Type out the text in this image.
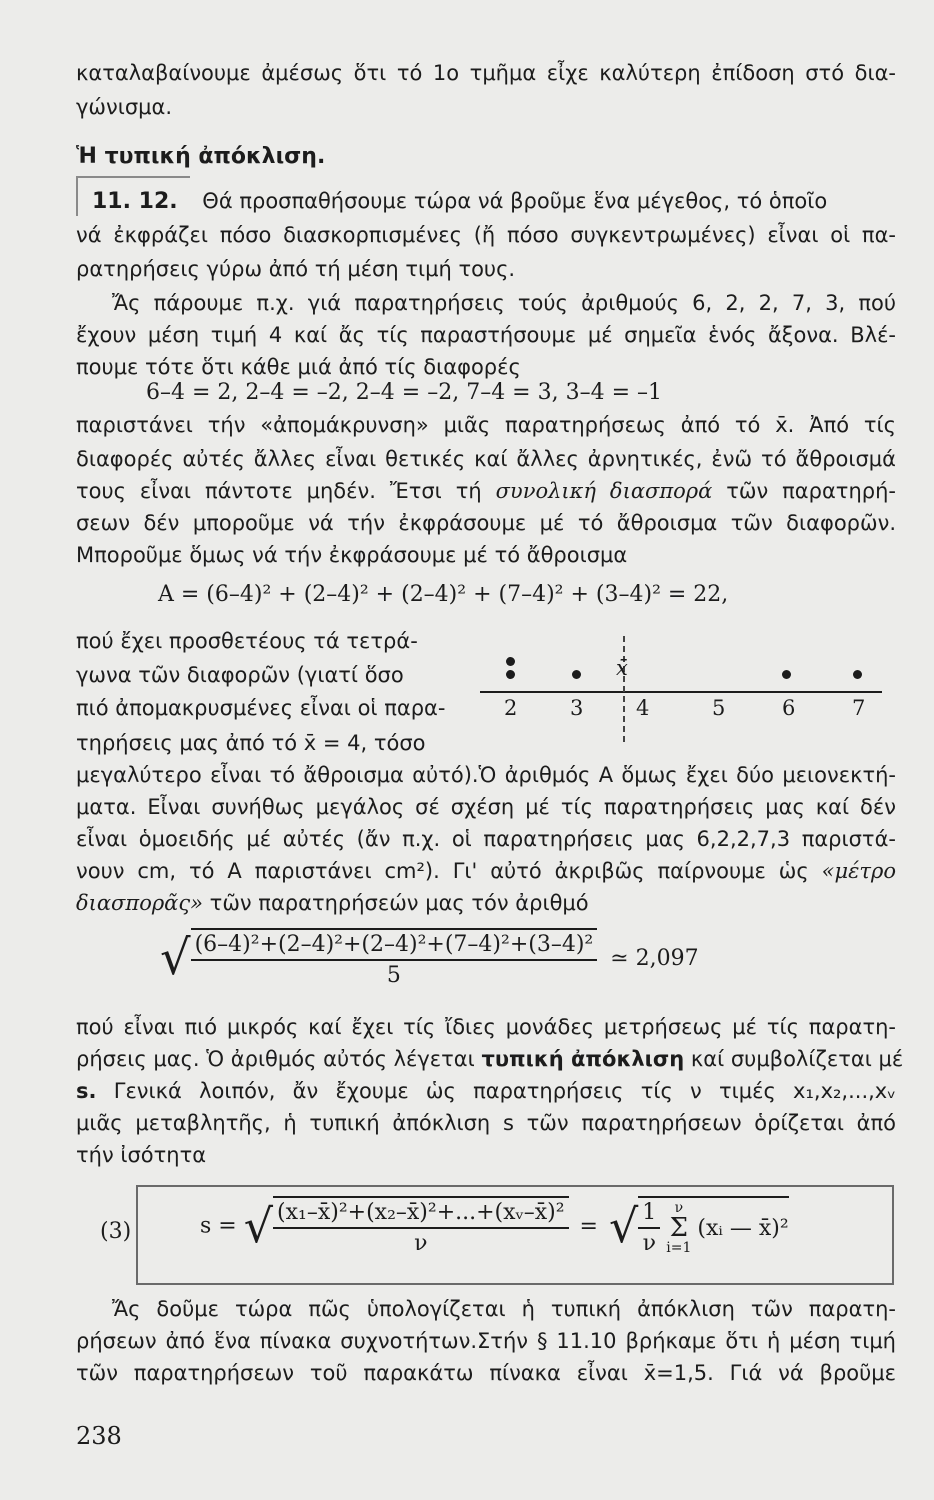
καταλαβαίνουμε ἀμέσως ὅτι τό 1ο τμῆμα εἶχε καλύτερη ἐπίδοση στό δια-
γώνισμα.
Ἡ τυπική ἀπόκλιση.
11. 12. Θά προσπαθήσουμε τώρα νά βροῦμε ἕνα μέγεθος, τό ὁποῖο
νά ἐκφράζει πόσο διασκορπισμένες (ἤ πόσο συγκεντρωμένες) εἶναι οἱ πα-
ρατηρήσεις γύρω ἀπό τή μέση τιμή τους.
Ἄς πάρουμε π.χ. γιά παρατηρήσεις τούς ἀριθμούς 6, 2, 2, 7, 3, πού
ἔχουν μέση τιμή 4 καί ἄς τίς παραστήσουμε μέ σημεῖα ἑνός ἄξονα. Βλέ-
πουμε τότε ὅτι κάθε μιά ἀπό τίς διαφορές
6–4 = 2, 2–4 = –2, 2–4 = –2, 7–4 = 3, 3–4 = –1
παριστάνει τήν «ἀπομάκρυνση» μιᾶς παρατηρήσεως ἀπό τό x̄. Ἀπό τίς
διαφορές αὐτές ἄλλες εἶναι θετικές καί ἄλλες ἀρνητικές, ἐνῶ τό ἄθροισμά
τους εἶναι πάντοτε μηδέν. Ἔτσι τή συνολική διασπορά τῶν παρατηρή-
σεων δέν μποροῦμε νά τήν ἐκφράσουμε μέ τό ἄθροισμα τῶν διαφορῶν.
Μποροῦμε ὅμως νά τήν ἐκφράσουμε μέ τό ἄθροισμα
A = (6–4)² + (2–4)² + (2–4)² + (7–4)² + (3–4)² = 22,
πού ἔχει προσθετέους τά τετρά-
γωνα τῶν διαφορῶν (γιατί ὅσο
πιό ἀπομακρυσμένες εἶναι οἱ παρα-
τηρήσεις μας ἀπό τό x̄ = 4, τόσο
x̄
2	3	4	5	6	7
μεγαλύτερο εἶναι τό ἄθροισμα αὐτό).Ὁ ἀριθμός Α ὅμως ἔχει δύο μειονεκτή-
ματα. Εἶναι συνήθως μεγάλος σέ σχέση μέ τίς παρατηρήσεις μας καί δέν
εἶναι ὁμοειδής μέ αὐτές (ἄν π.χ. οἱ παρατηρήσεις μας 6,2,2,7,3 παριστά-
νουν cm, τό Α παριστάνει cm²). Γι' αὐτό ἀκριβῶς παίρνουμε ὡς «μέτρο
διασπορᾶς» τῶν παρατηρήσεών μας τόν ἀριθμό
√ $\frac{\text{(6–4)²+(2–4)²+(2–4)²+(7–4)²+(3–4)²}}{5}$ ≃ 2,097
πού εἶναι πιό μικρός καί ἔχει τίς ἴδιες μονάδες μετρήσεως μέ τίς παρατη-
ρήσεις μας. Ὁ ἀριθμός αὐτός λέγεται τυπική ἀπόκλιση καί συμβολίζεται μέ
s. Γενικά λοιπόν, ἄν ἔχουμε ὡς παρατηρήσεις τίς ν τιμές x₁,x₂,...,xᵥ
μιᾶς μεταβλητῆς, ἡ τυπική ἀπόκλιση s τῶν παρατηρήσεων ὁρίζεται ἀπό
τήν ἰσότητα
(3)	s = √ $\frac{\text{(x₁–x̄)²+(x₂–x̄)²+...+(xᵥ–x̄)²}}{\nu}$ = √ $\frac{1}{\nu}$ ν
Σ
i=1
(xᵢ — x̄)²
Ἄς δοῦμε τώρα πῶς ὑπολογίζεται ἡ τυπική ἀπόκλιση τῶν παρατη-
ρήσεων ἀπό ἕνα πίνακα συχνοτήτων.Στήν § 11.10 βρήκαμε ὅτι ἡ μέση τιμή
τῶν παρατηρήσεων τοῦ παρακάτω πίνακα εἶναι x̄=1,5. Γιά νά βροῦμε
238
